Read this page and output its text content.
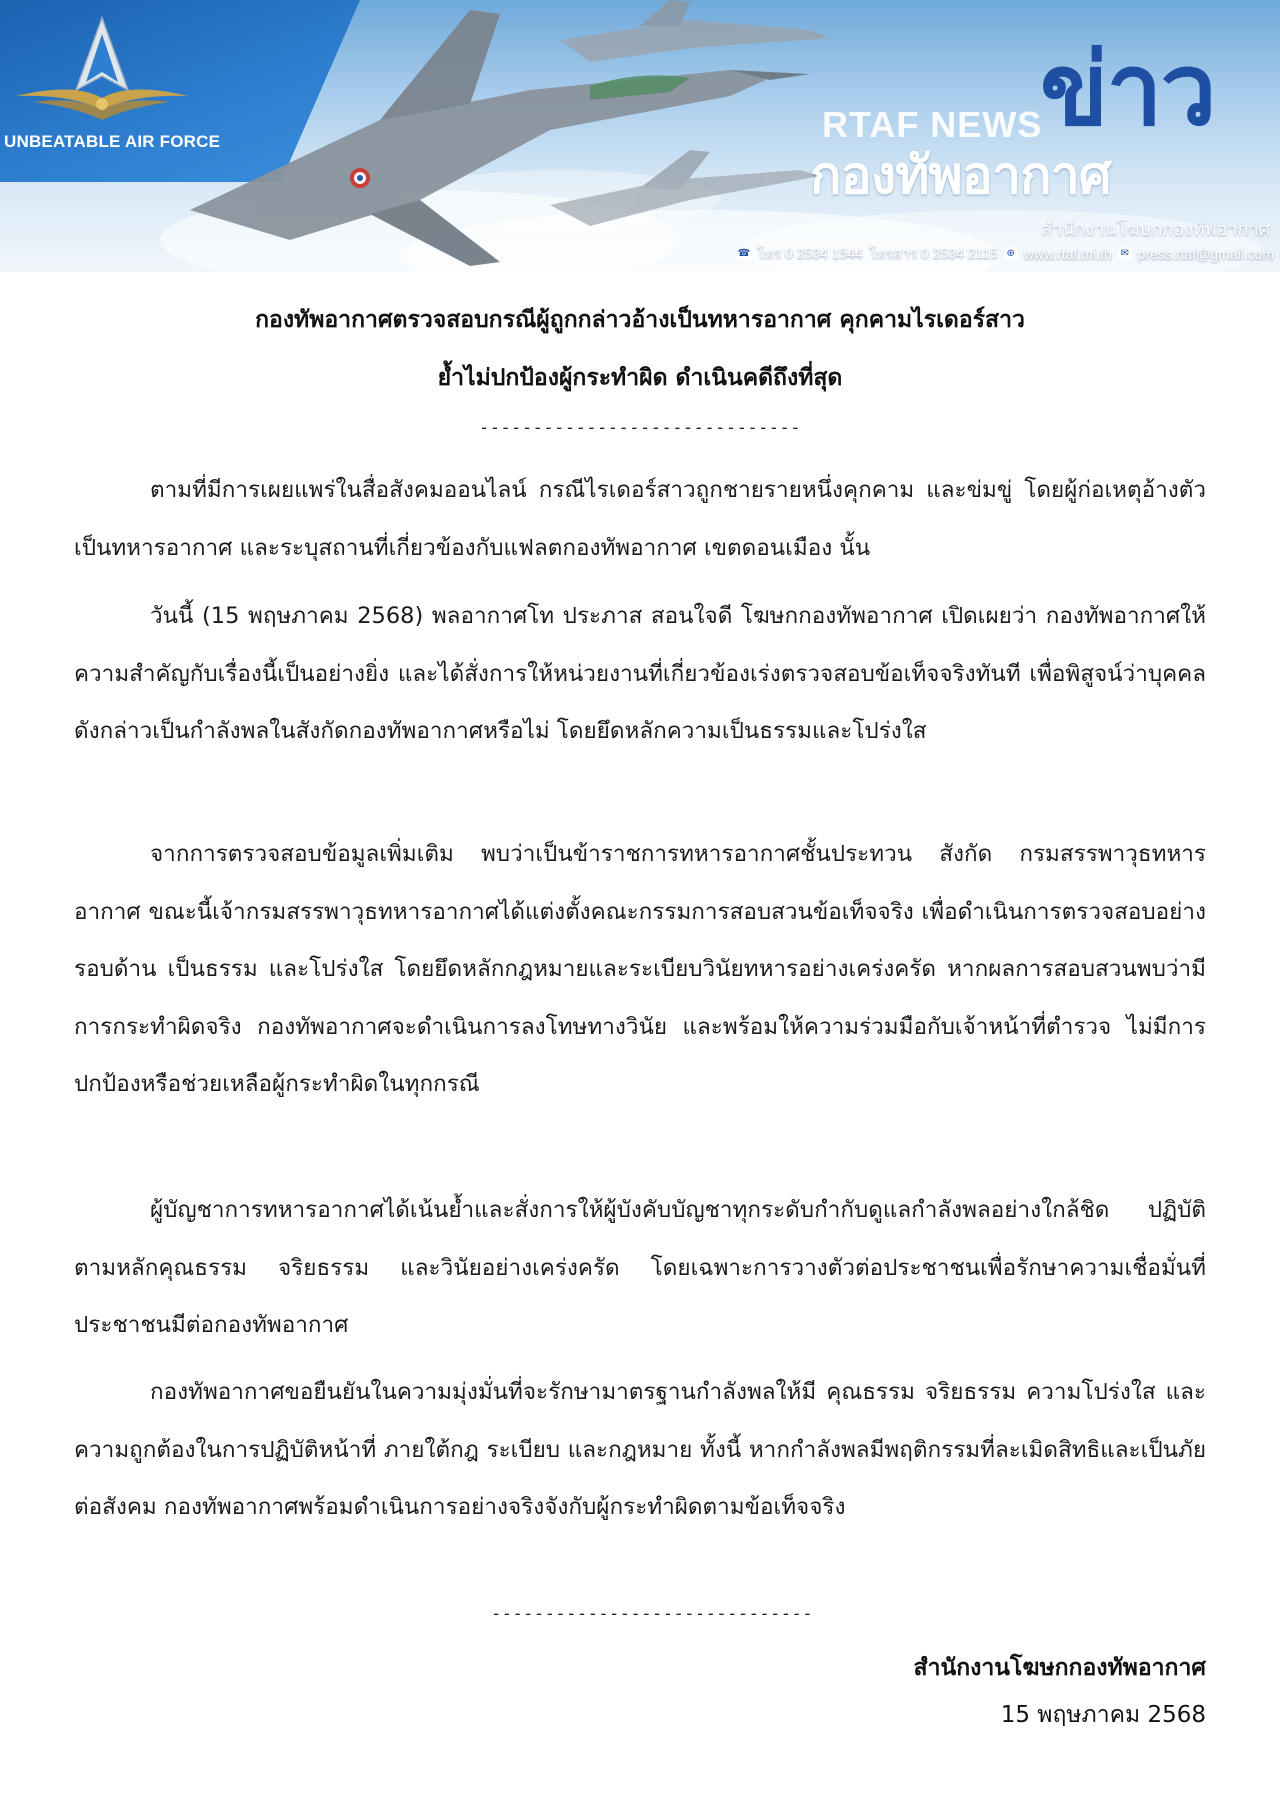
UNBEATABLE AIR FORCE	RTAF NEWS
ข่าว
กองทัพอากาศ
สำนักงานโฆษกกองทัพอากาศ
☎ โทร 0 2534 1544 โทรสาร 0 2534 2115 ⊕ www.rtaf.mi.th ✉ press.rtaf@gmail.com
กองทัพอากาศตรวจสอบกรณีผู้ถูกกล่าวอ้างเป็นทหารอากาศ คุกคามไรเดอร์สาว
ย้ำไม่ปกป้องผู้กระทำผิด ดำเนินคดีถึงที่สุด
------------------------------

ตามที่มีการเผยแพร่ในสื่อสังคมออนไลน์ กรณีไรเดอร์สาวถูกชายรายหนึ่งคุกคาม และข่มขู่ โดยผู้ก่อเหตุอ้างตัวเป็นทหารอากาศ และระบุสถานที่เกี่ยวข้องกับแฟลตกองทัพอากาศ เขตดอนเมือง นั้น

วันนี้ (15 พฤษภาคม 2568) พลอากาศโท ประภาส สอนใจดี โฆษกกองทัพอากาศ เปิดเผยว่า กองทัพอากาศให้ความสำคัญกับเรื่องนี้เป็นอย่างยิ่ง และได้สั่งการให้หน่วยงานที่เกี่ยวข้องเร่งตรวจสอบข้อเท็จจริงทันที เพื่อพิสูจน์ว่าบุคคลดังกล่าวเป็นกำลังพลในสังกัดกองทัพอากาศหรือไม่ โดยยึดหลักความเป็นธรรมและโปร่งใส

จากการตรวจสอบข้อมูลเพิ่มเติม พบว่าเป็นข้าราชการทหารอากาศชั้นประทวน สังกัด กรมสรรพาวุธทหารอากาศ ขณะนี้เจ้ากรมสรรพาวุธทหารอากาศได้แต่งตั้งคณะกรรมการสอบสวนข้อเท็จจริง เพื่อดำเนินการตรวจสอบอย่างรอบด้าน เป็นธรรม และโปร่งใส โดยยึดหลักกฎหมายและระเบียบวินัยทหารอย่างเคร่งครัด หากผลการสอบสวนพบว่ามีการกระทำผิดจริง กองทัพอากาศจะดำเนินการลงโทษทางวินัย และพร้อมให้ความร่วมมือกับเจ้าหน้าที่ตำรวจ ไม่มีการปกป้องหรือช่วยเหลือผู้กระทำผิดในทุกกรณี

ผู้บัญชาการทหารอากาศได้เน้นย้ำและสั่งการให้ผู้บังคับบัญชาทุกระดับกำกับดูแลกำลังพลอย่างใกล้ชิด ปฏิบัติตามหลักคุณธรรม จริยธรรม และวินัยอย่างเคร่งครัด โดยเฉพาะการวางตัวต่อประชาชนเพื่อรักษาความเชื่อมั่นที่ประชาชนมีต่อกองทัพอากาศ

กองทัพอากาศขอยืนยันในความมุ่งมั่นที่จะรักษามาตรฐานกำลังพลให้มี คุณธรรม จริยธรรม ความโปร่งใส และความถูกต้องในการปฏิบัติหน้าที่ ภายใต้กฎ ระเบียบ และกฎหมาย ทั้งนี้ หากกำลังพลมีพฤติกรรมที่ละเมิดสิทธิและเป็นภัยต่อสังคม กองทัพอากาศพร้อมดำเนินการอย่างจริงจังกับผู้กระทำผิดตามข้อเท็จจริง

------------------------------
สำนักงานโฆษกกองทัพอากาศ
15 พฤษภาคม 2568
